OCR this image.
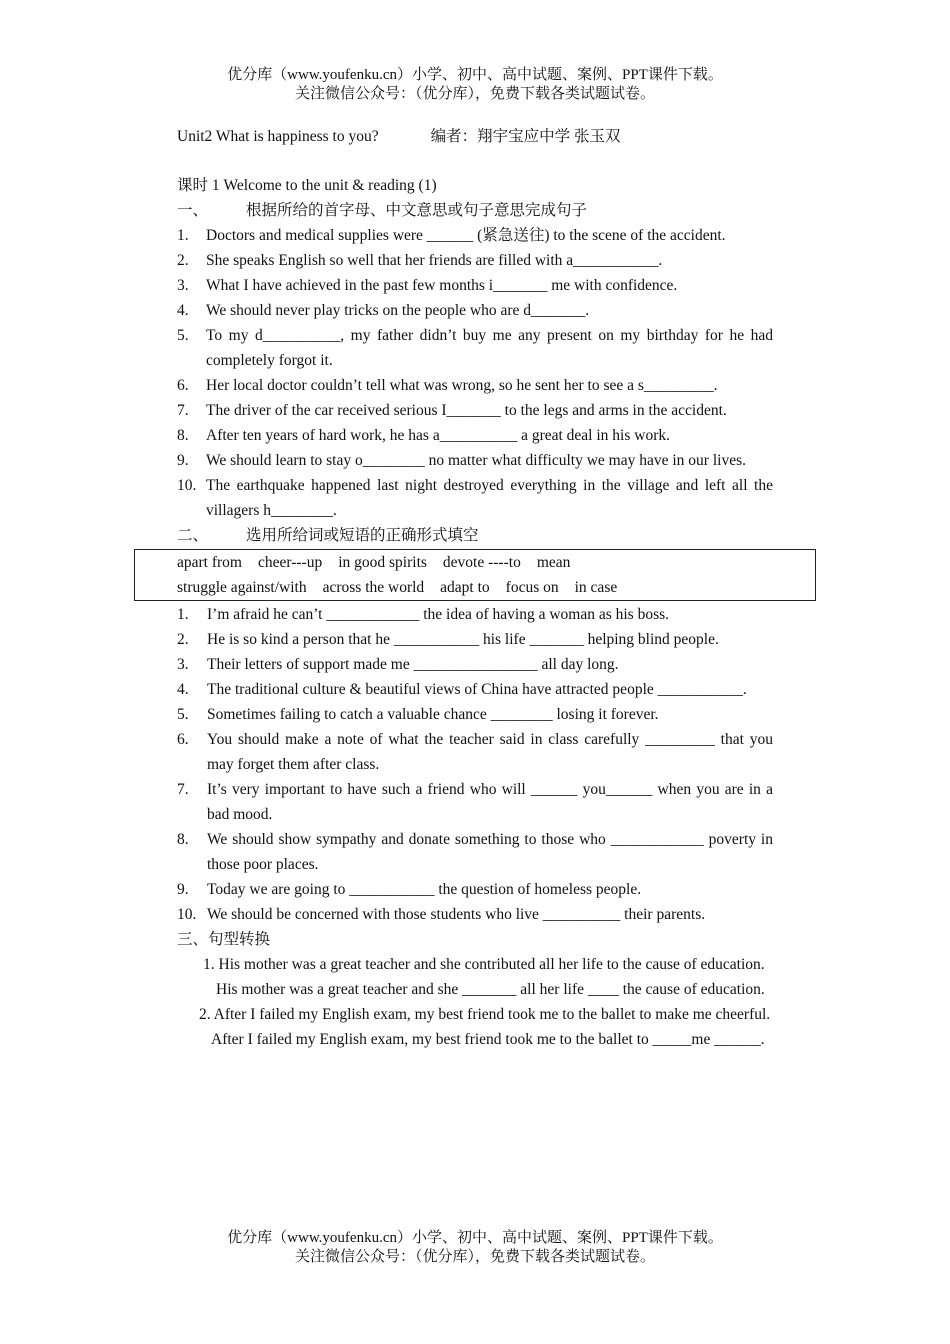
优分库（www.youfenku.cn）小学、初中、高中试题、案例、PPT课件下载。
关注微信公众号：（优分库），免费下载各类试题试卷。
Unit2 What is happiness to you?	编者：翔宇宝应中学 张玉双
课时 1 Welcome to the unit & reading (1)
一、 根据所给的首字母、中文意思或句子意思完成句子
1.	Doctors and medical supplies were ______ (紧急送往) to the scene of the accident.
2.	She speaks English so well that her friends are filled with a___________.
3.	What I have achieved in the past few months i_______ me with confidence.
4.	We should never play tricks on the people who are d_______.
5.	To my d__________, my father didn’t buy me any present on my birthday for he had completely forgot it.
6.	Her local doctor couldn’t tell what was wrong, so he sent her to see a s_________.
7.	The driver of the car received serious I_______ to the legs and arms in the accident.
8.	After ten years of hard work, he has a__________ a great deal in his work.
9.	We should learn to stay o________ no matter what difficulty we may have in our lives.
10. The earthquake happened last night destroyed everything in the village and left all the villagers h________.
二、 选用所给词或短语的正确形式填空
apart from cheer---up in good spirits devote ----to mean
struggle against/with across the world adapt to focus on in case
1.	I’m afraid he can’t ____________ the idea of having a woman as his boss.
2.	He is so kind a person that he ___________ his life _______ helping blind people.
3.	Their letters of support made me ________________ all day long.
4.	The traditional culture & beautiful views of China have attracted people ___________.
5.	Sometimes failing to catch a valuable chance ________ losing it forever.
6.	You should make a note of what the teacher said in class carefully _________ that you may forget them after class.
7.	It’s very important to have such a friend who will ______ you______ when you are in a bad mood.
8.	We should show sympathy and donate something to those who ____________ poverty in those poor places.
9.	Today we are going to ___________ the question of homeless people.
10. We should be concerned with those students who live __________ their parents.
三、句型转换
1. His mother was a great teacher and she contributed all her life to the cause of education.
His mother was a great teacher and she _______ all her life ____ the cause of education.
2. After I failed my English exam, my best friend took me to the ballet to make me cheerful.
After I failed my English exam, my best friend took me to the ballet to _____me ______.
优分库（www.youfenku.cn）小学、初中、高中试题、案例、PPT课件下载。
关注微信公众号：（优分库），免费下载各类试题试卷。
